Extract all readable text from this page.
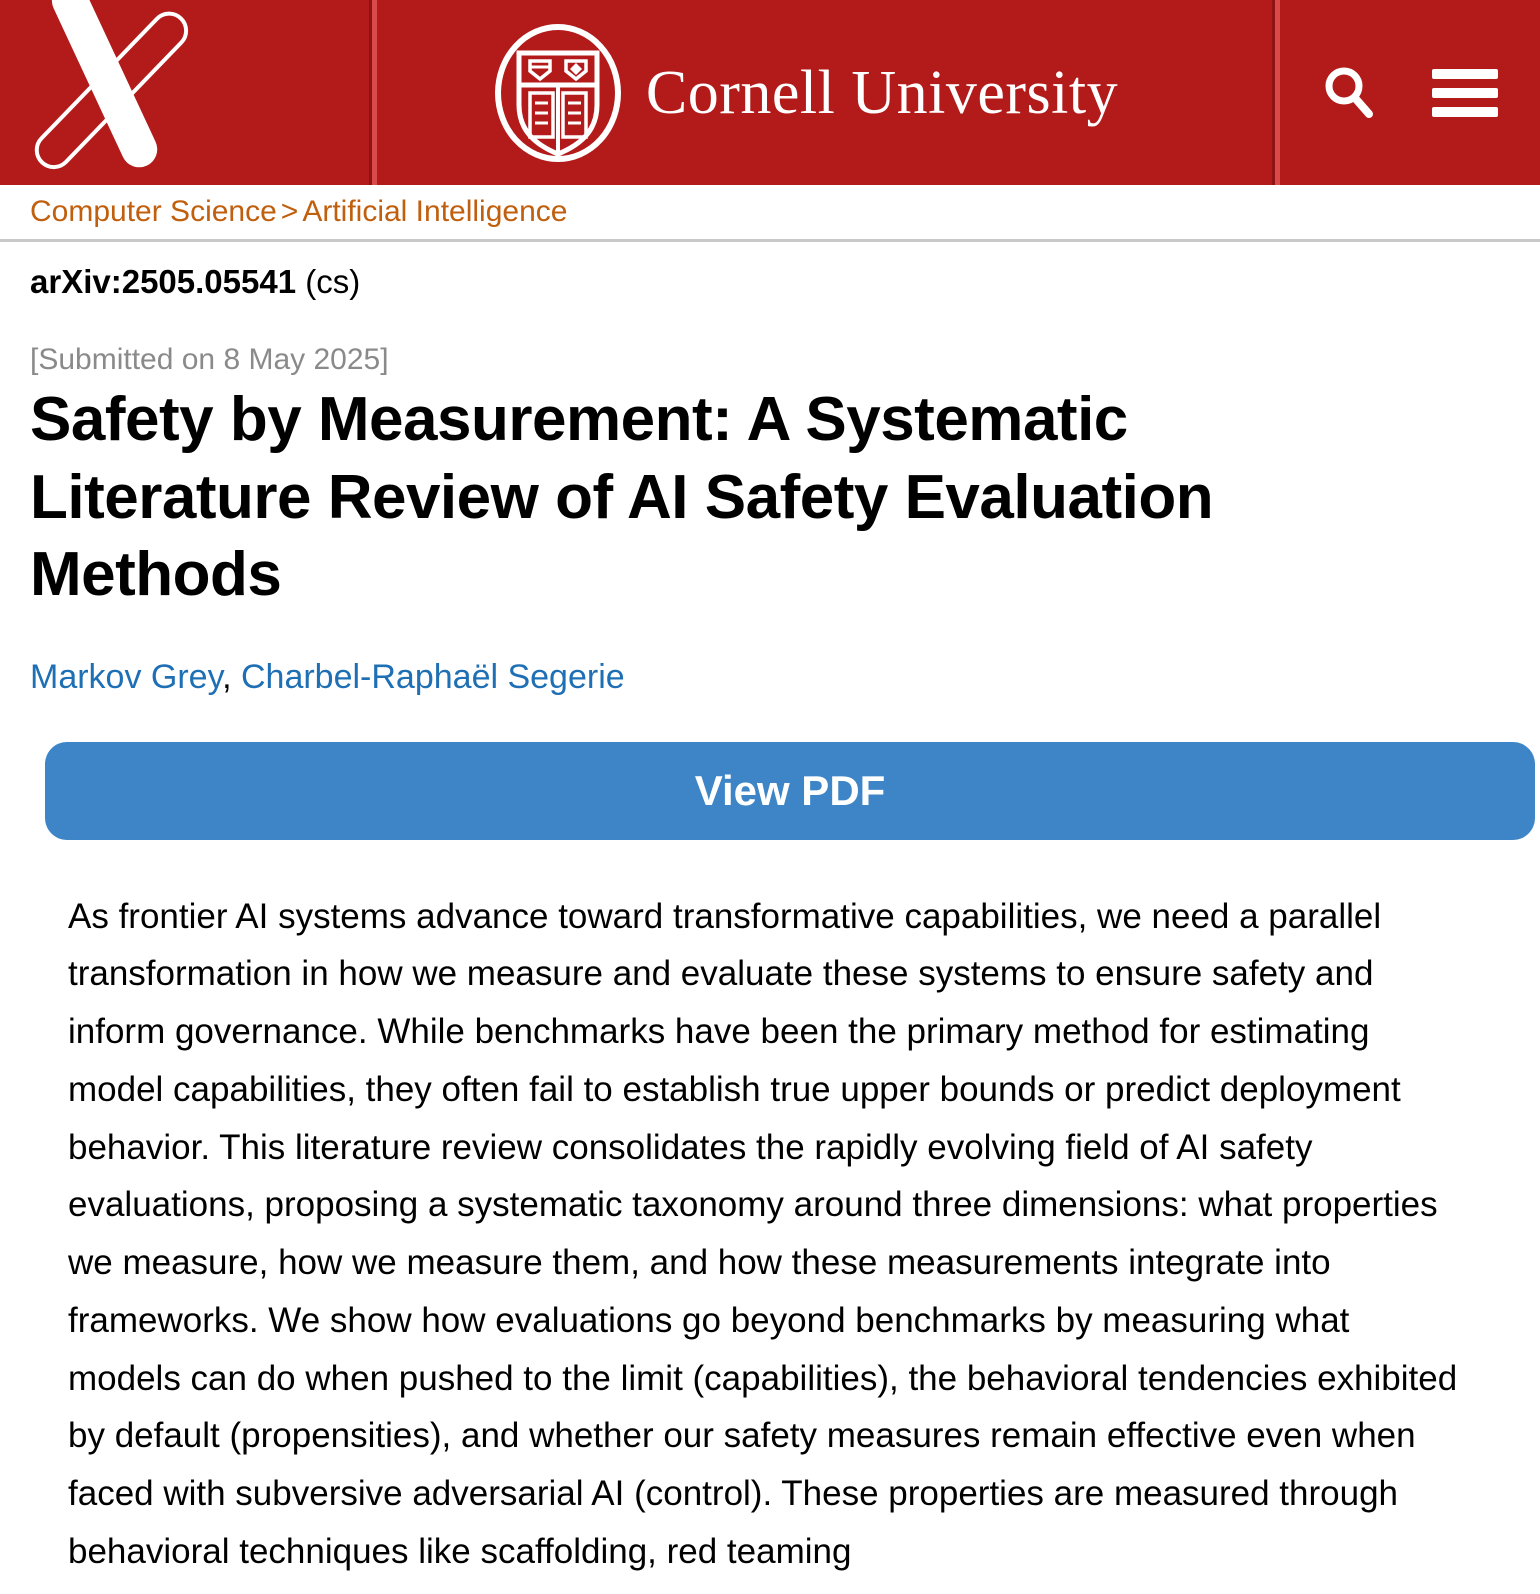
Cornell University
Computer Science > Artificial Intelligence
arXiv:2505.05541 (cs)
[Submitted on 8 May 2025]
Safety by Measurement: A Systematic Literature Review of AI Safety Evaluation Methods
Markov Grey, Charbel-Raphaël Segerie
View PDF
As frontier AI systems advance toward transformative capabilities, we need a parallel transformation in how we measure and evaluate these systems to ensure safety and inform governance. While benchmarks have been the primary method for estimating model capabilities, they often fail to establish true upper bounds or predict deployment behavior. This literature review consolidates the rapidly evolving field of AI safety evaluations, proposing a systematic taxonomy around three dimensions: what properties we measure, how we measure them, and how these measurements integrate into frameworks. We show how evaluations go beyond benchmarks by measuring what models can do when pushed to the limit (capabilities), the behavioral tendencies exhibited by default (propensities), and whether our safety measures remain effective even when faced with subversive adversarial AI (control). These properties are measured through behavioral techniques like scaffolding, red teaming
